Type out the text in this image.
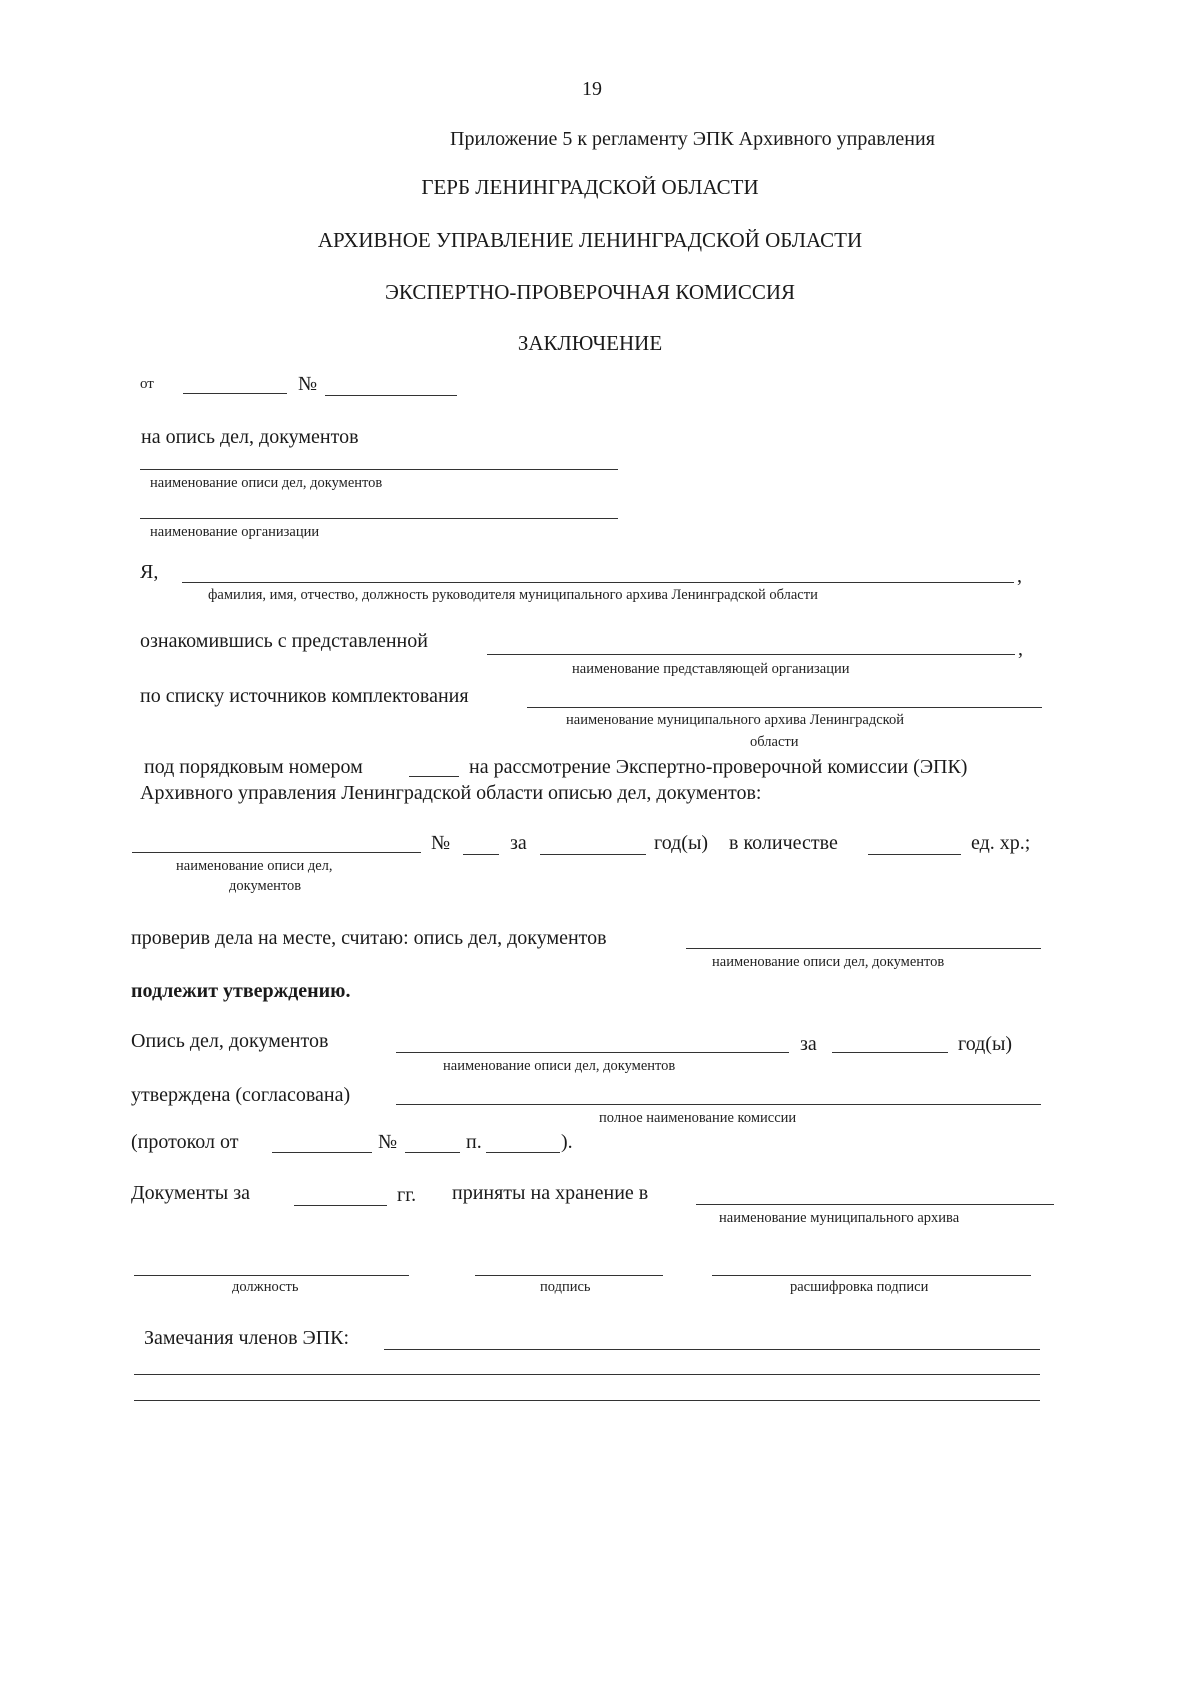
19
Приложение 5 к регламенту ЭПК Архивного управления
ГЕРБ ЛЕНИНГРАДСКОЙ ОБЛАСТИ
АРХИВНОЕ УПРАВЛЕНИЕ ЛЕНИНГРАДСКОЙ ОБЛАСТИ
ЭКСПЕРТНО-ПРОВЕРОЧНАЯ КОМИССИЯ
ЗАКЛЮЧЕНИЕ
от	№
на опись дел, документов
наименование описи дел, документов
наименование организации
Я,	,
фамилия, имя, отчество, должность руководителя муниципального архива Ленинградской области
ознакомившись с представленной	,
наименование представляющей организации
по списку источников комплектования
наименование муниципального архива Ленинградской
области
под порядковым номером	на рассмотрение Экспертно-проверочной комиссии (ЭПК)
Архивного управления Ленинградской области описью дел, документов:
№	за	год(ы) в количестве	ед. хр.;
наименование описи дел,
документов
проверив дела на месте, считаю: опись дел, документов
наименование описи дел, документов
подлежит утверждению.
Опись дел, документов	за	год(ы)
наименование описи дел, документов
утверждена (согласована)
полное наименование комиссии
(протокол от	№	п.	).
Документы за	гг. приняты на хранение в
наименование муниципального архива
должность	подпись	расшифровка подписи
Замечания членов ЭПК:
